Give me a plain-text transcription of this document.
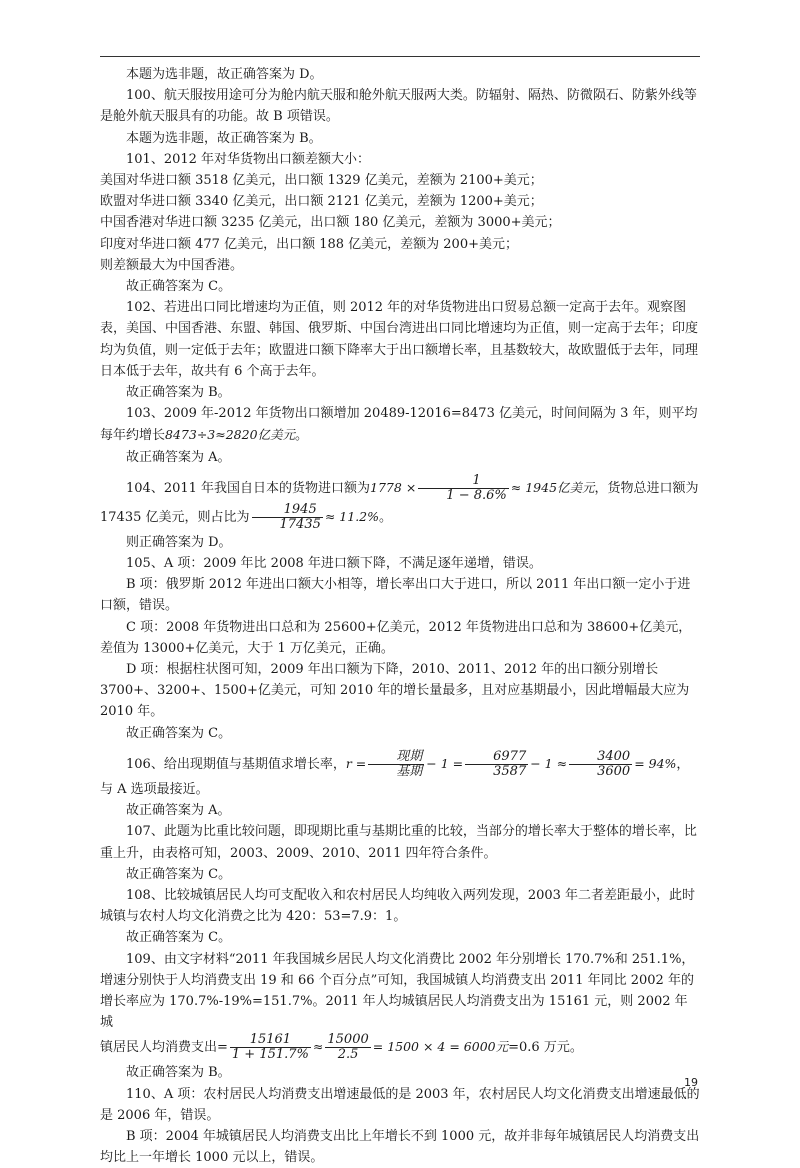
本题为选非题，故正确答案为 D。

100、航天服按用途可分为舱内航天服和舱外航天服两大类。防辐射、隔热、防微陨石、防紫外线等是舱外航天服具有的功能。故 B 项错误。

本题为选非题，故正确答案为 B。

101、2012 年对华货物出口额差额大小：

美国对华进口额 3518 亿美元，出口额 1329 亿美元，差额为 2100+美元；

欧盟对华进口额 3340 亿美元，出口额 2121 亿美元，差额为 1200+美元；

中国香港对华进口额 3235 亿美元，出口额 180 亿美元，差额为 3000+美元；

印度对华进口额 477 亿美元，出口额 188 亿美元，差额为 200+美元；

则差额最大为中国香港。

故正确答案为 C。

102、若进出口同比增速均为正值，则 2012 年的对华货物进出口贸易总额一定高于去年。观察图表，美国、中国香港、东盟、韩国、俄罗斯、中国台湾进出口同比增速均为正值，则一定高于去年；印度均为负值，则一定低于去年；欧盟进口额下降率大于出口额增长率，且基数较大，故欧盟低于去年，同理日本低于去年，故共有 6 个高于去年。

故正确答案为 B。

103、2009 年-2012 年货物出口额增加 20489-12016=8473 亿美元，时间间隔为 3 年，则平均每年约增长8473÷3≈2820亿美元。

故正确答案为 A。

104、2011 年我国自日本的货物进口额为$1778 \times \frac{1}{1 - 8.6\%} \approx 1945$亿美元，货物总进口额为 17435 亿美元，则占比为 $\frac{1945}{17435} \approx 11.2\%$。

则正确答案为 D。

105、A 项：2009 年比 2008 年进口额下降，不满足逐年递增，错误。

B 项：俄罗斯 2012 年进出口额大小相等，增长率出口大于进口，所以 2011 年出口额一定小于进口额，错误。

C 项：2008 年货物进出口总和为 25600+亿美元，2012 年货物进出口总和为 38600+亿美元，差值为 13000+亿美元，大于 1 万亿美元，正确。

D 项：根据柱状图可知，2009 年出口额为下降，2010、2011、2012 年的出口额分别增长 3700+、3200+、1500+亿美元，可知 2010 年的增长量最多，且对应基期最小，因此增幅最大应为 2010 年。

故正确答案为 C。

106、给出现期值与基期值求增长率，$r = \frac{\text{现期}}{\text{基期}} - 1 = \frac{6977}{3587} - 1 \approx \frac{3400}{3600} = 94\%$，与 A 选项最接近。

故正确答案为 A。

107、此题为比重比较问题，即现期比重与基期比重的比较，当部分的增长率大于整体的增长率，比重上升，由表格可知，2003、2009、2010、2011 四年符合条件。

故正确答案为 C。

108、比较城镇居民人均可支配收入和农村居民人均纯收入两列发现，2003 年二者差距最小，此时城镇与农村人均文化消费之比为 420：53=7.9：1。

故正确答案为 C。

109、由文字材料“2011 年我国城乡居民人均文化消费比 2002 年分别增长 170.7%和 251.1%，增速分别快于人均消费支出 19 和 66 个百分点”可知，我国城镇人均消费支出 2011 年同比 2002 年的增长率应为 170.7%-19%=151.7%。2011 年人均城镇居民人均消费支出为 15161 元，则 2002 年城

镇居民人均消费支出= $\frac{15161}{1 + 151.7\%} \approx \frac{15000}{2.5} = 1500 \times 4 = 6000$元=0.6 万元。

故正确答案为 B。

110、A 项：农村居民人均消费支出增速最低的是 2003 年，农村居民人均文化消费支出增速最低的是 2006 年，错误。

B 项：2004 年城镇居民人均消费支出比上年增长不到 1000 元，故并非每年城镇居民人均消费支出均比上一年增长 1000 元以上，错误。

19
